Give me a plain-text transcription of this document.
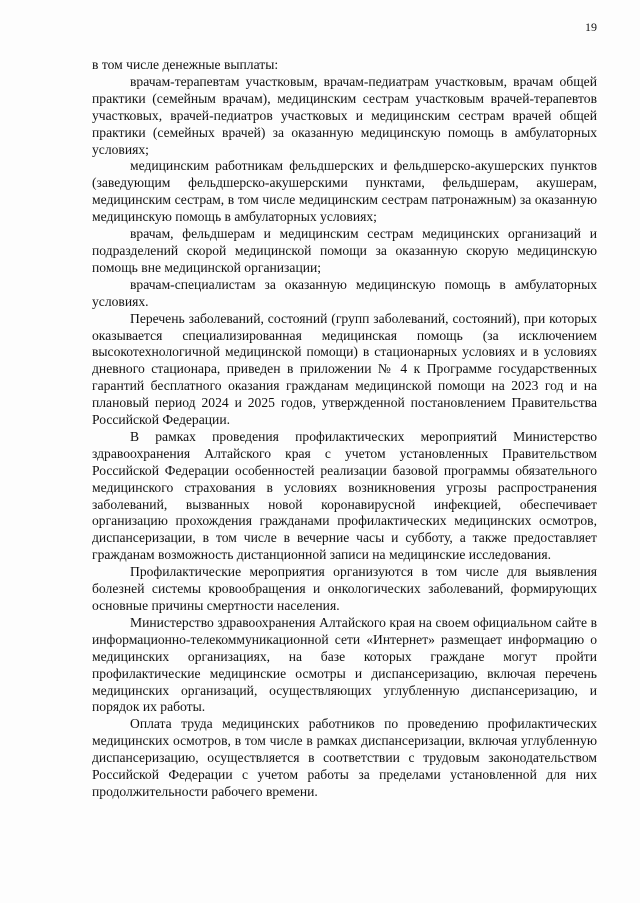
19

в том числе денежные выплаты:

врачам-терапевтам участковым, врачам-педиатрам участковым, врачам общей практики (семейным врачам), медицинским сестрам участковым врачей-терапевтов участковых, врачей-педиатров участковых и медицинским сестрам врачей общей практики (семейных врачей) за оказанную медицинскую помощь в амбулаторных условиях;

медицинским работникам фельдшерских и фельдшерско-акушерских пунктов (заведующим фельдшерско-акушерскими пунктами, фельдшерам, акушерам, медицинским сестрам, в том числе медицинским сестрам патронажным) за оказанную медицинскую помощь в амбулаторных условиях;

врачам, фельдшерам и медицинским сестрам медицинских организаций и подразделений скорой медицинской помощи за оказанную скорую медицинскую помощь вне медицинской организации;

врачам-специалистам за оказанную медицинскую помощь в амбулаторных условиях.

Перечень заболеваний, состояний (групп заболеваний, состояний), при которых оказывается специализированная медицинская помощь (за исключением высокотехнологичной медицинской помощи) в стационарных условиях и в условиях дневного стационара, приведен в приложении № 4 к Программе государственных гарантий бесплатного оказания гражданам медицинской помощи на 2023 год и на плановый период 2024 и 2025 годов, утвержденной постановлением Правительства Российской Федерации.

В рамках проведения профилактических мероприятий Министерство здравоохранения Алтайского края с учетом установленных Правительством Российской Федерации особенностей реализации базовой программы обязательного медицинского страхования в условиях возникновения угрозы распространения заболеваний, вызванных новой коронавирусной инфекцией, обеспечивает организацию прохождения гражданами профилактических медицинских осмотров, диспансеризации, в том числе в вечерние часы и субботу, а также предоставляет гражданам возможность дистанционной записи на медицинские исследования.

Профилактические мероприятия организуются в том числе для выявления болезней системы кровообращения и онкологических заболеваний, формирующих основные причины смертности населения.

Министерство здравоохранения Алтайского края на своем официальном сайте в информационно-телекоммуникационной сети «Интернет» размещает информацию о медицинских организациях, на базе которых граждане могут пройти профилактические медицинские осмотры и диспансеризацию, включая перечень медицинских организаций, осуществляющих углубленную диспансеризацию, и порядок их работы.

Оплата труда медицинских работников по проведению профилактических медицинских осмотров, в том числе в рамках диспансеризации, включая углубленную диспансеризацию, осуществляется в соответствии с трудовым законодательством Российской Федерации с учетом работы за пределами установленной для них продолжительности рабочего времени.
